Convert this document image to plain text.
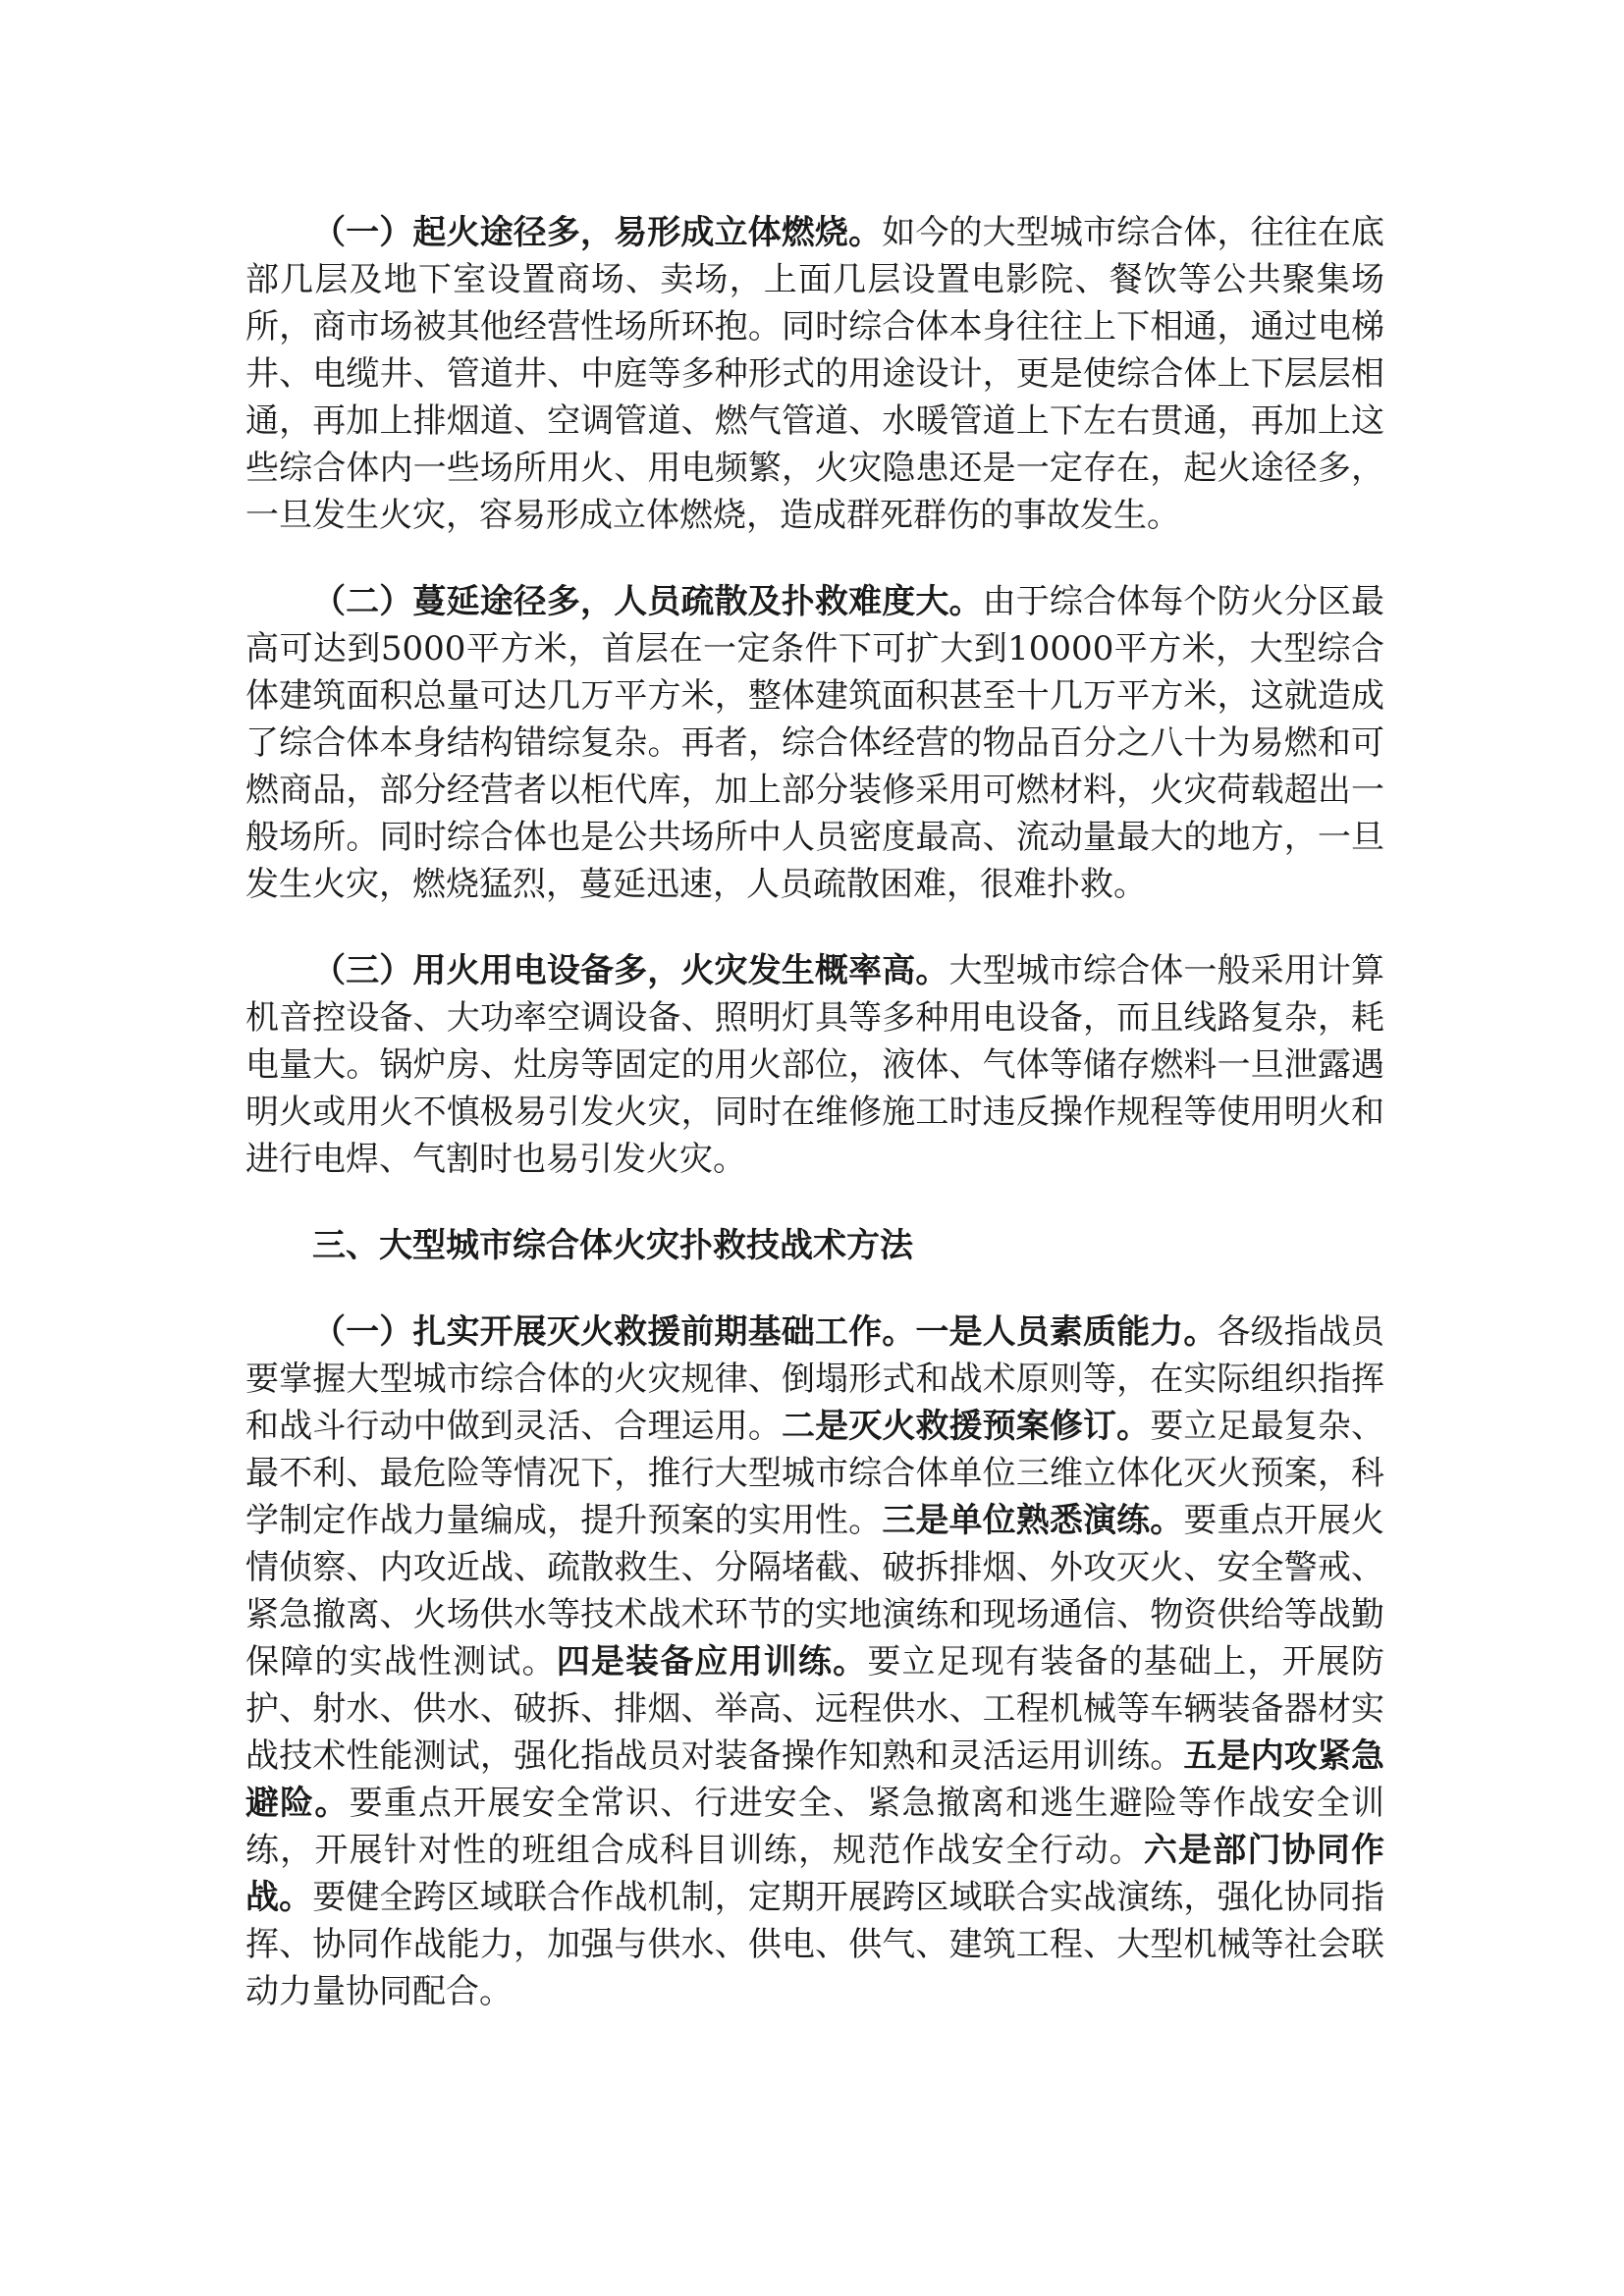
（一）起火途径多，易形成立体燃烧。如今的大型城市综合体，往往在底部几层及地下室设置商场、卖场，上面几层设置电影院、餐饮等公共聚集场所，商市场被其他经营性场所环抱。同时综合体本身往往上下相通，通过电梯井、电缆井、管道井、中庭等多种形式的用途设计，更是使综合体上下层层相通，再加上排烟道、空调管道、燃气管道、水暖管道上下左右贯通，再加上这些综合体内一些场所用火、用电频繁，火灾隐患还是一定存在，起火途径多，一旦发生火灾，容易形成立体燃烧，造成群死群伤的事故发生。

（二）蔓延途径多，人员疏散及扑救难度大。由于综合体每个防火分区最高可达到5000平方米，首层在一定条件下可扩大到10000平方米，大型综合体建筑面积总量可达几万平方米，整体建筑面积甚至十几万平方米，这就造成了综合体本身结构错综复杂。再者，综合体经营的物品百分之八十为易燃和可燃商品，部分经营者以柜代库，加上部分装修采用可燃材料，火灾荷载超出一般场所。同时综合体也是公共场所中人员密度最高、流动量最大的地方，一旦发生火灾，燃烧猛烈，蔓延迅速，人员疏散困难，很难扑救。

（三）用火用电设备多，火灾发生概率高。大型城市综合体一般采用计算机音控设备、大功率空调设备、照明灯具等多种用电设备，而且线路复杂，耗电量大。锅炉房、灶房等固定的用火部位，液体、气体等储存燃料一旦泄露遇明火或用火不慎极易引发火灾，同时在维修施工时违反操作规程等使用明火和进行电焊、气割时也易引发火灾。

三、大型城市综合体火灾扑救技战术方法

（一）扎实开展灭火救援前期基础工作。一是人员素质能力。各级指战员要掌握大型城市综合体的火灾规律、倒塌形式和战术原则等，在实际组织指挥和战斗行动中做到灵活、合理运用。二是灭火救援预案修订。要立足最复杂、最不利、最危险等情况下，推行大型城市综合体单位三维立体化灭火预案，科学制定作战力量编成，提升预案的实用性。三是单位熟悉演练。要重点开展火情侦察、内攻近战、疏散救生、分隔堵截、破拆排烟、外攻灭火、安全警戒、紧急撤离、火场供水等技术战术环节的实地演练和现场通信、物资供给等战勤保障的实战性测试。四是装备应用训练。要立足现有装备的基础上，开展防护、射水、供水、破拆、排烟、举高、远程供水、工程机械等车辆装备器材实战技术性能测试，强化指战员对装备操作知熟和灵活运用训练。五是内攻紧急避险。要重点开展安全常识、行进安全、紧急撤离和逃生避险等作战安全训练，开展针对性的班组合成科目训练，规范作战安全行动。六是部门协同作战。要健全跨区域联合作战机制，定期开展跨区域联合实战演练，强化协同指挥、协同作战能力，加强与供水、供电、供气、建筑工程、大型机械等社会联动力量协同配合。
